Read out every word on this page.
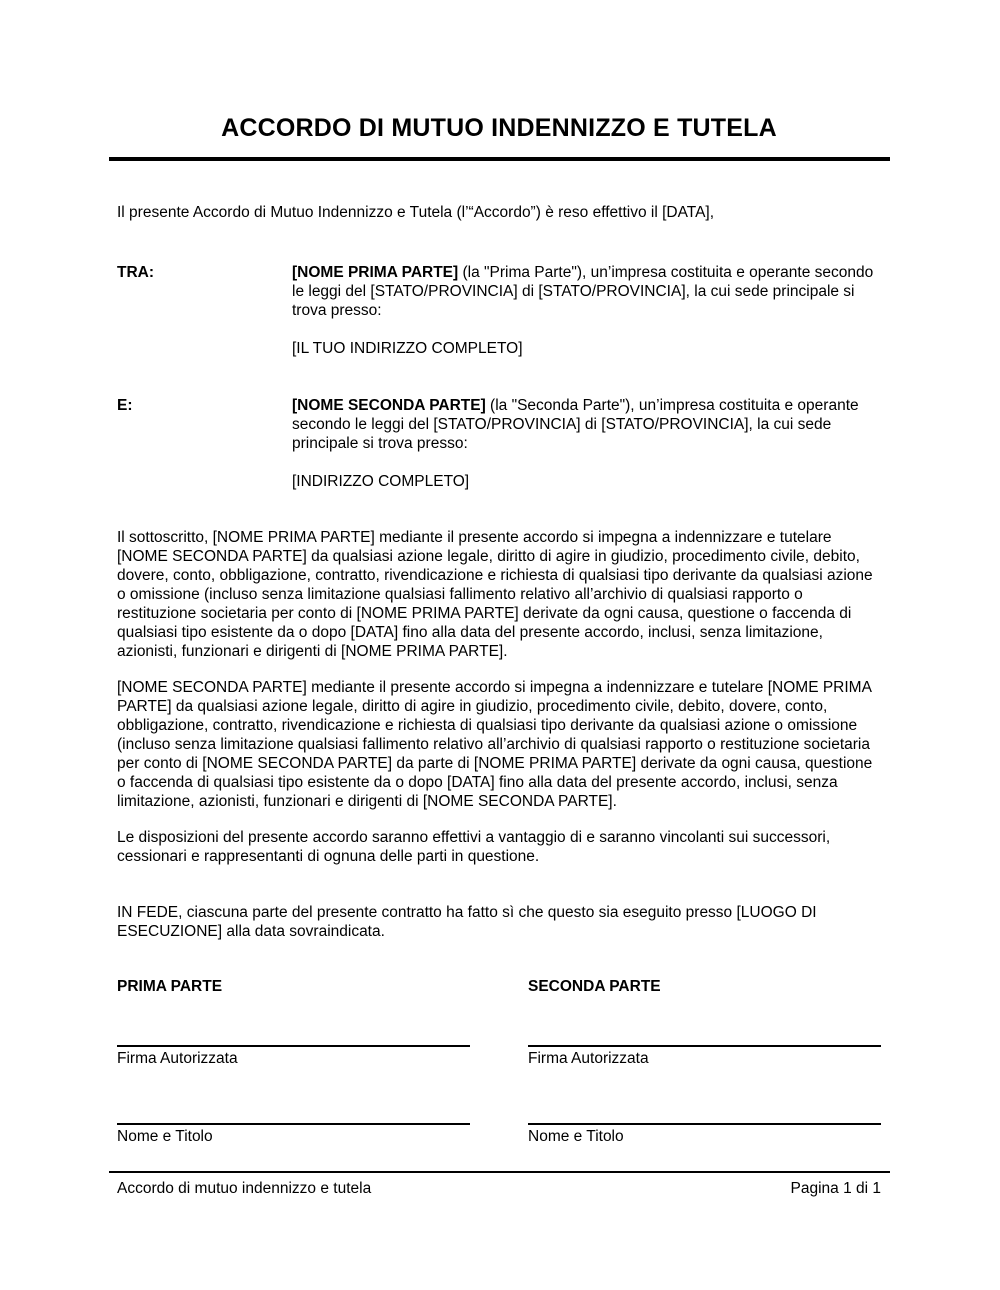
ACCORDO DI MUTUO INDENNIZZO E TUTELA

Il presente Accordo di Mutuo Indennizzo e Tutela (l’“Accordo”) è reso effettivo il [DATA],

TRA:	[NOME PRIMA PARTE] (la "Prima Parte"), un’impresa costituita e operante secondo le leggi del [STATO/PROVINCIA] di [STATO/PROVINCIA], la cui sede principale si trova presso:
[IL TUO INDIRIZZO COMPLETO]
E:	[NOME SECONDA PARTE] (la "Seconda Parte"), un’impresa costituita e operante secondo le leggi del [STATO/PROVINCIA] di [STATO/PROVINCIA], la cui sede principale si trova presso:
[INDIRIZZO COMPLETO]

Il sottoscritto, [NOME PRIMA PARTE] mediante il presente accordo si impegna a indennizzare e tutelare [NOME SECONDA PARTE] da qualsiasi azione legale, diritto di agire in giudizio, procedimento civile, debito, dovere, conto, obbligazione, contratto, rivendicazione e richiesta di qualsiasi tipo derivante da qualsiasi azione o omissione (incluso senza limitazione qualsiasi fallimento relativo all’archivio di qualsiasi rapporto o restituzione societaria per conto di [NOME PRIMA PARTE] derivate da ogni causa, questione o faccenda di qualsiasi tipo esistente da o dopo [DATA] fino alla data del presente accordo, inclusi, senza limitazione, azionisti, funzionari e dirigenti di [NOME PRIMA PARTE].

[NOME SECONDA PARTE] mediante il presente accordo si impegna a indennizzare e tutelare [NOME PRIMA PARTE] da qualsiasi azione legale, diritto di agire in giudizio, procedimento civile, debito, dovere, conto, obbligazione, contratto, rivendicazione e richiesta di qualsiasi tipo derivante da qualsiasi azione o omissione (incluso senza limitazione qualsiasi fallimento relativo all’archivio di qualsiasi rapporto o restituzione societaria per conto di [NOME SECONDA PARTE] da parte di [NOME PRIMA PARTE] derivate da ogni causa, questione o faccenda di qualsiasi tipo esistente da o dopo [DATA] fino alla data del presente accordo, inclusi, senza limitazione, azionisti, funzionari e dirigenti di [NOME SECONDA PARTE].

Le disposizioni del presente accordo saranno effettivi a vantaggio di e saranno vincolanti sui successori, cessionari e rappresentanti di ognuna delle parti in questione.

IN FEDE, ciascuna parte del presente contratto ha fatto sì che questo sia eseguito presso [LUOGO DI ESECUZIONE] alla data sovraindicata.

PRIMA PARTE
Firma Autorizzata
Nome e Titolo
SECONDA PARTE
Firma Autorizzata
Nome e Titolo
Accordo di mutuo indennizzo e tutela	Pagina 1 di 1
